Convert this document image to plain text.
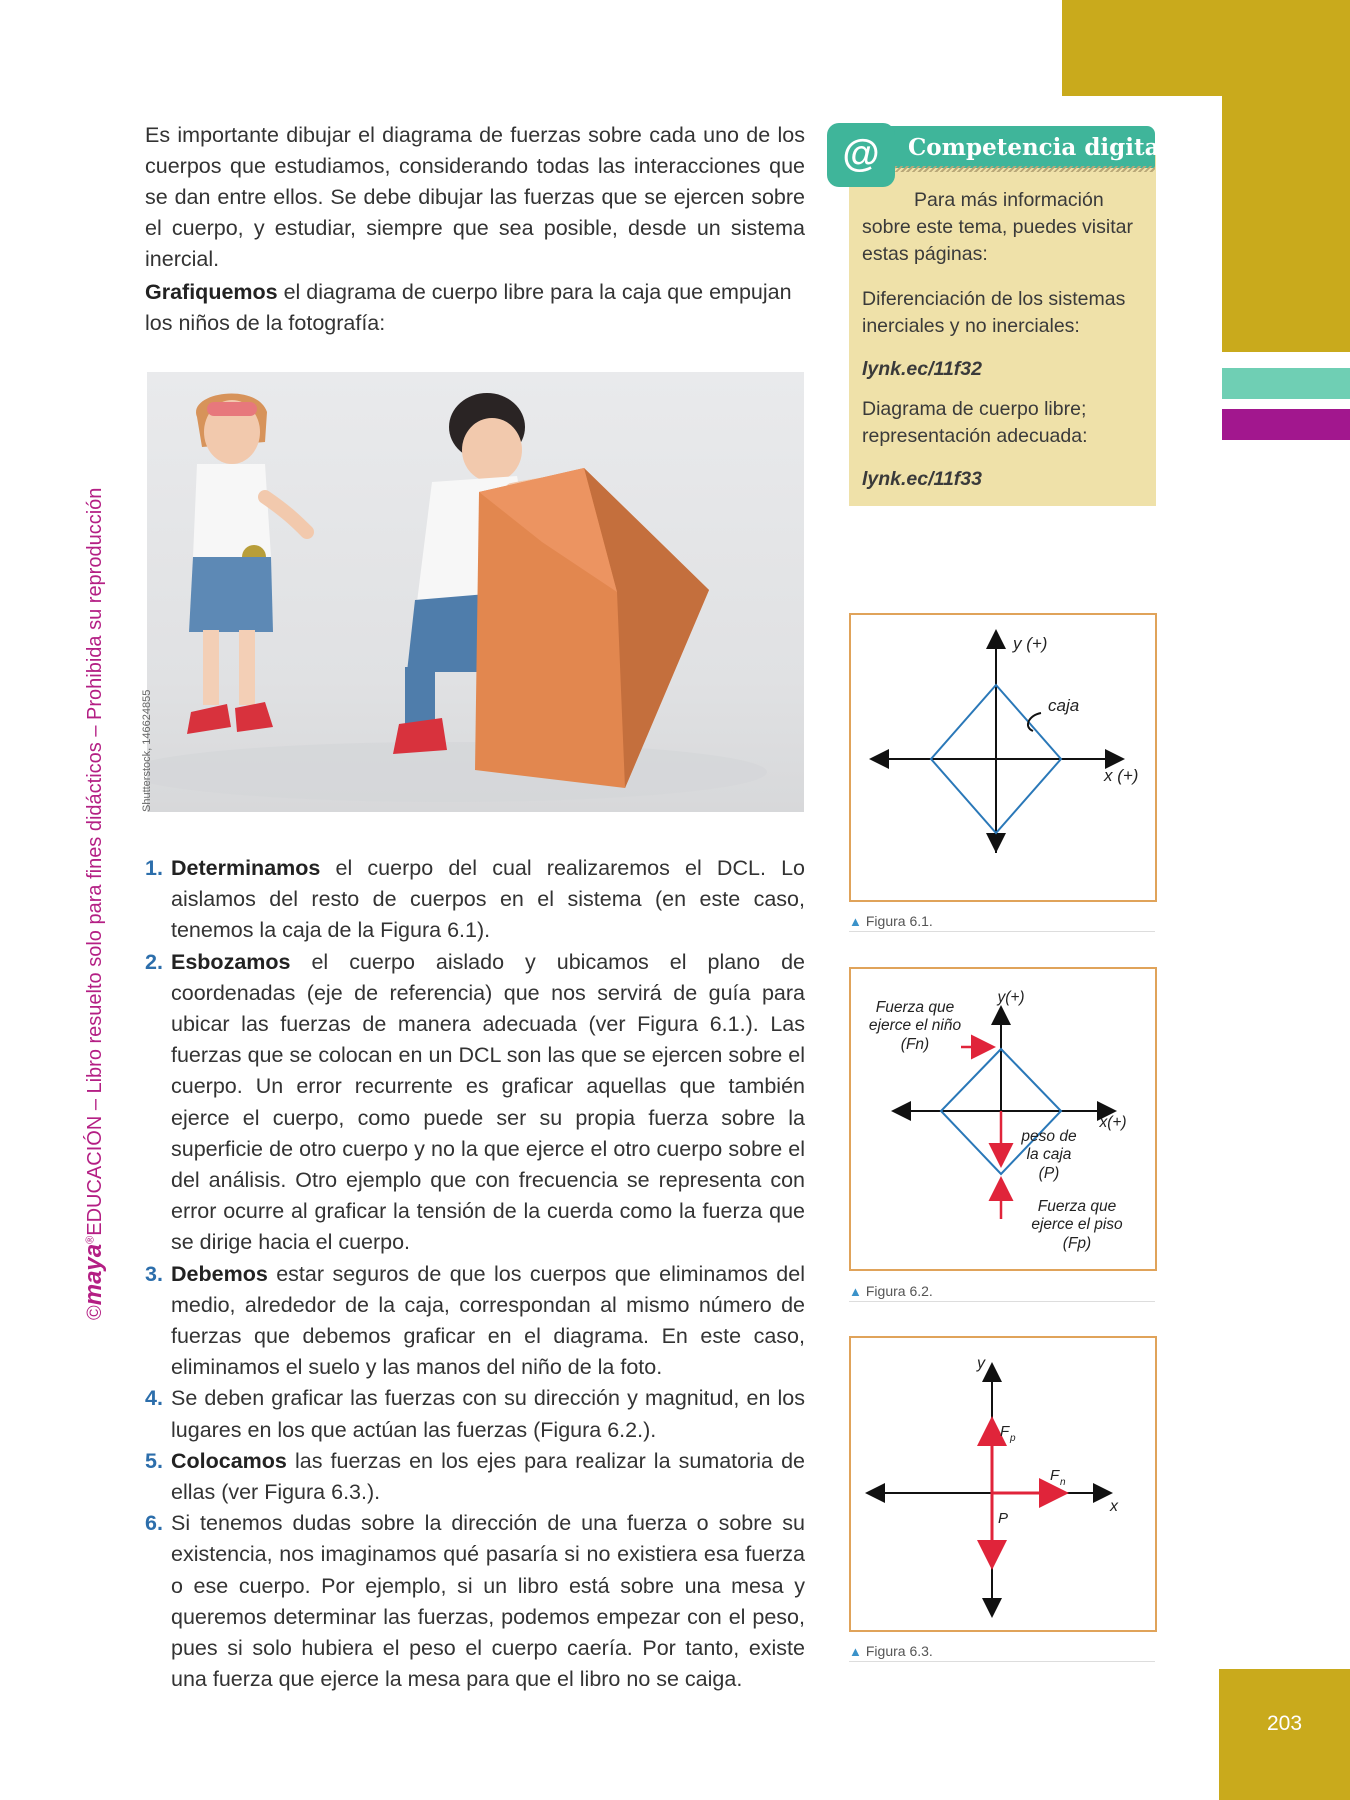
203
©maya®EDUCACIÓN – Libro resuelto solo para fines didácticos – Prohibida su reproducción
Es importante dibujar el diagrama de fuerzas sobre cada uno de los cuerpos que estudiamos, considerando todas las interacciones que se dan entre ellos. Se debe dibujar las fuerzas que se ejercen sobre el cuerpo, y estudiar, siempre que sea posible, desde un sistema inercial.
Grafiquemos el diagrama de cuerpo libre para la caja que empujan los niños de la fotografía:
Shutterstock, 146624855
1. Determinamos el cuerpo del cual realizaremos el DCL. Lo aislamos del resto de cuerpos en el sistema (en este caso, tenemos la caja de la Figura 6.1).
2. Esbozamos el cuerpo aislado y ubicamos el plano de coordenadas (eje de referencia) que nos servirá de guía para ubicar las fuerzas de manera adecuada (ver Figura 6.1.). Las fuerzas que se colocan en un DCL son las que se ejercen sobre el cuerpo. Un error recurrente es graficar aquellas que también ejerce el cuerpo, como puede ser su propia fuerza sobre la superficie de otro cuerpo y no la que ejerce el otro cuerpo sobre el del análisis. Otro ejemplo que con frecuencia se representa con error ocurre al graficar la tensión de la cuerda como la fuerza que se dirige hacia el cuerpo.
3. Debemos estar seguros de que los cuerpos que eliminamos del medio, alrededor de la caja, correspondan al mismo número de fuerzas que debemos graficar en el diagrama. En este caso, eliminamos el suelo y las manos del niño de la foto.
4. Se deben graficar las fuerzas con su dirección y magnitud, en los lugares en los que actúan las fuerzas (Figura 6.2.).
5. Colocamos las fuerzas en los ejes para realizar la sumatoria de ellas (ver Figura 6.3.).
6. Si tenemos dudas sobre la dirección de una fuerza o sobre su existencia, nos imaginamos qué pasaría si no existiera esa fuerza o ese cuerpo. Por ejemplo, si un libro está sobre una mesa y queremos determinar las fuerzas, podemos empezar con el peso, pues si solo hubiera el peso el cuerpo caería. Por tanto, existe una fuerza que ejerce la mesa para que el libro no se caiga.
@	Competencia digital
Para más información sobre este tema, puedes visitar estas páginas:
Diferenciación de los sistemas inerciales y no inerciales:
lynk.ec/11f32
Diagrama de cuerpo libre; representación adecuada:
lynk.ec/11f33
y (+)
x (+)
caja
▲ Figura 6.1.
Fuerza que
ejerce el niño
(Fn)
y(+)
x(+)
peso de
la caja
(P)
Fuerza que
ejerce el piso
(Fp)
▲ Figura 6.2.
y
x
F p
F n
P
▲ Figura 6.3.
